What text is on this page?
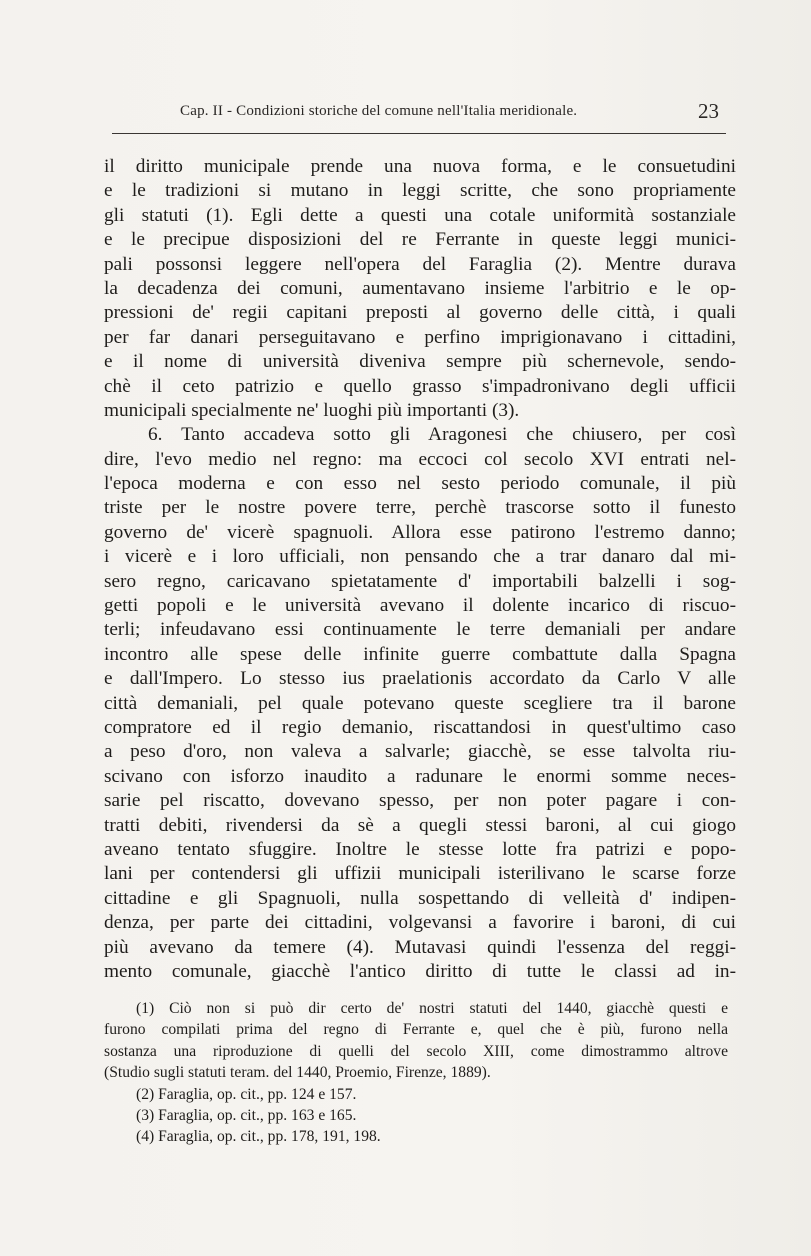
Cap. II - Condizioni storiche del comune nell'Italia meridionale.	23
il diritto municipale prende una nuova forma, e le consuetudini
e le tradizioni si mutano in leggi scritte, che sono propriamente
gli statuti (1). Egli dette a questi una cotale uniformità sostanziale
e le precipue disposizioni del re Ferrante in queste leggi munici-
pali possonsi leggere nell'opera del Faraglia (2). Mentre durava
la decadenza dei comuni, aumentavano insieme l'arbitrio e le op-
pressioni de' regii capitani preposti al governo delle città, i quali
per far danari perseguitavano e perfino imprigionavano i cittadini,
e il nome di università diveniva sempre più schernevole, sendo-
chè il ceto patrizio e quello grasso s'impadronivano degli ufficii
municipali specialmente ne' luoghi più importanti (3).
6. Tanto accadeva sotto gli Aragonesi che chiusero, per così
dire, l'evo medio nel regno: ma eccoci col secolo XVI entrati nel-
l'epoca moderna e con esso nel sesto periodo comunale, il più
triste per le nostre povere terre, perchè trascorse sotto il funesto
governo de' vicerè spagnuoli. Allora esse patirono l'estremo danno;
i vicerè e i loro ufficiali, non pensando che a trar danaro dal mi-
sero regno, caricavano spietatamente d' importabili balzelli i sog-
getti popoli e le università avevano il dolente incarico di riscuo-
terli; infeudavano essi continuamente le terre demaniali per andare
incontro alle spese delle infinite guerre combattute dalla Spagna
e dall'Impero. Lo stesso ius praelationis accordato da Carlo V alle
città demaniali, pel quale potevano queste scegliere tra il barone
compratore ed il regio demanio, riscattandosi in quest'ultimo caso
a peso d'oro, non valeva a salvarle; giacchè, se esse talvolta riu-
scivano con isforzo inaudito a radunare le enormi somme neces-
sarie pel riscatto, dovevano spesso, per non poter pagare i con-
tratti debiti, rivendersi da sè a quegli stessi baroni, al cui giogo
aveano tentato sfuggire. Inoltre le stesse lotte fra patrizi e popo-
lani per contendersi gli uffizii municipali isterilivano le scarse forze
cittadine e gli Spagnuoli, nulla sospettando di velleità d' indipen-
denza, per parte dei cittadini, volgevansi a favorire i baroni, di cui
più avevano da temere (4). Mutavasi quindi l'essenza del reggi-
mento comunale, giacchè l'antico diritto di tutte le classi ad in-
(1) Ciò non si può dir certo de' nostri statuti del 1440, giacchè questi e
furono compilati prima del regno di Ferrante e, quel che è più, furono nella
sostanza una riproduzione di quelli del secolo XIII, come dimostrammo altrove
(Studio sugli statuti teram. del 1440, Proemio, Firenze, 1889).
(2) Faraglia, op. cit., pp. 124 e 157.
(3) Faraglia, op. cit., pp. 163 e 165.
(4) Faraglia, op. cit., pp. 178, 191, 198.
